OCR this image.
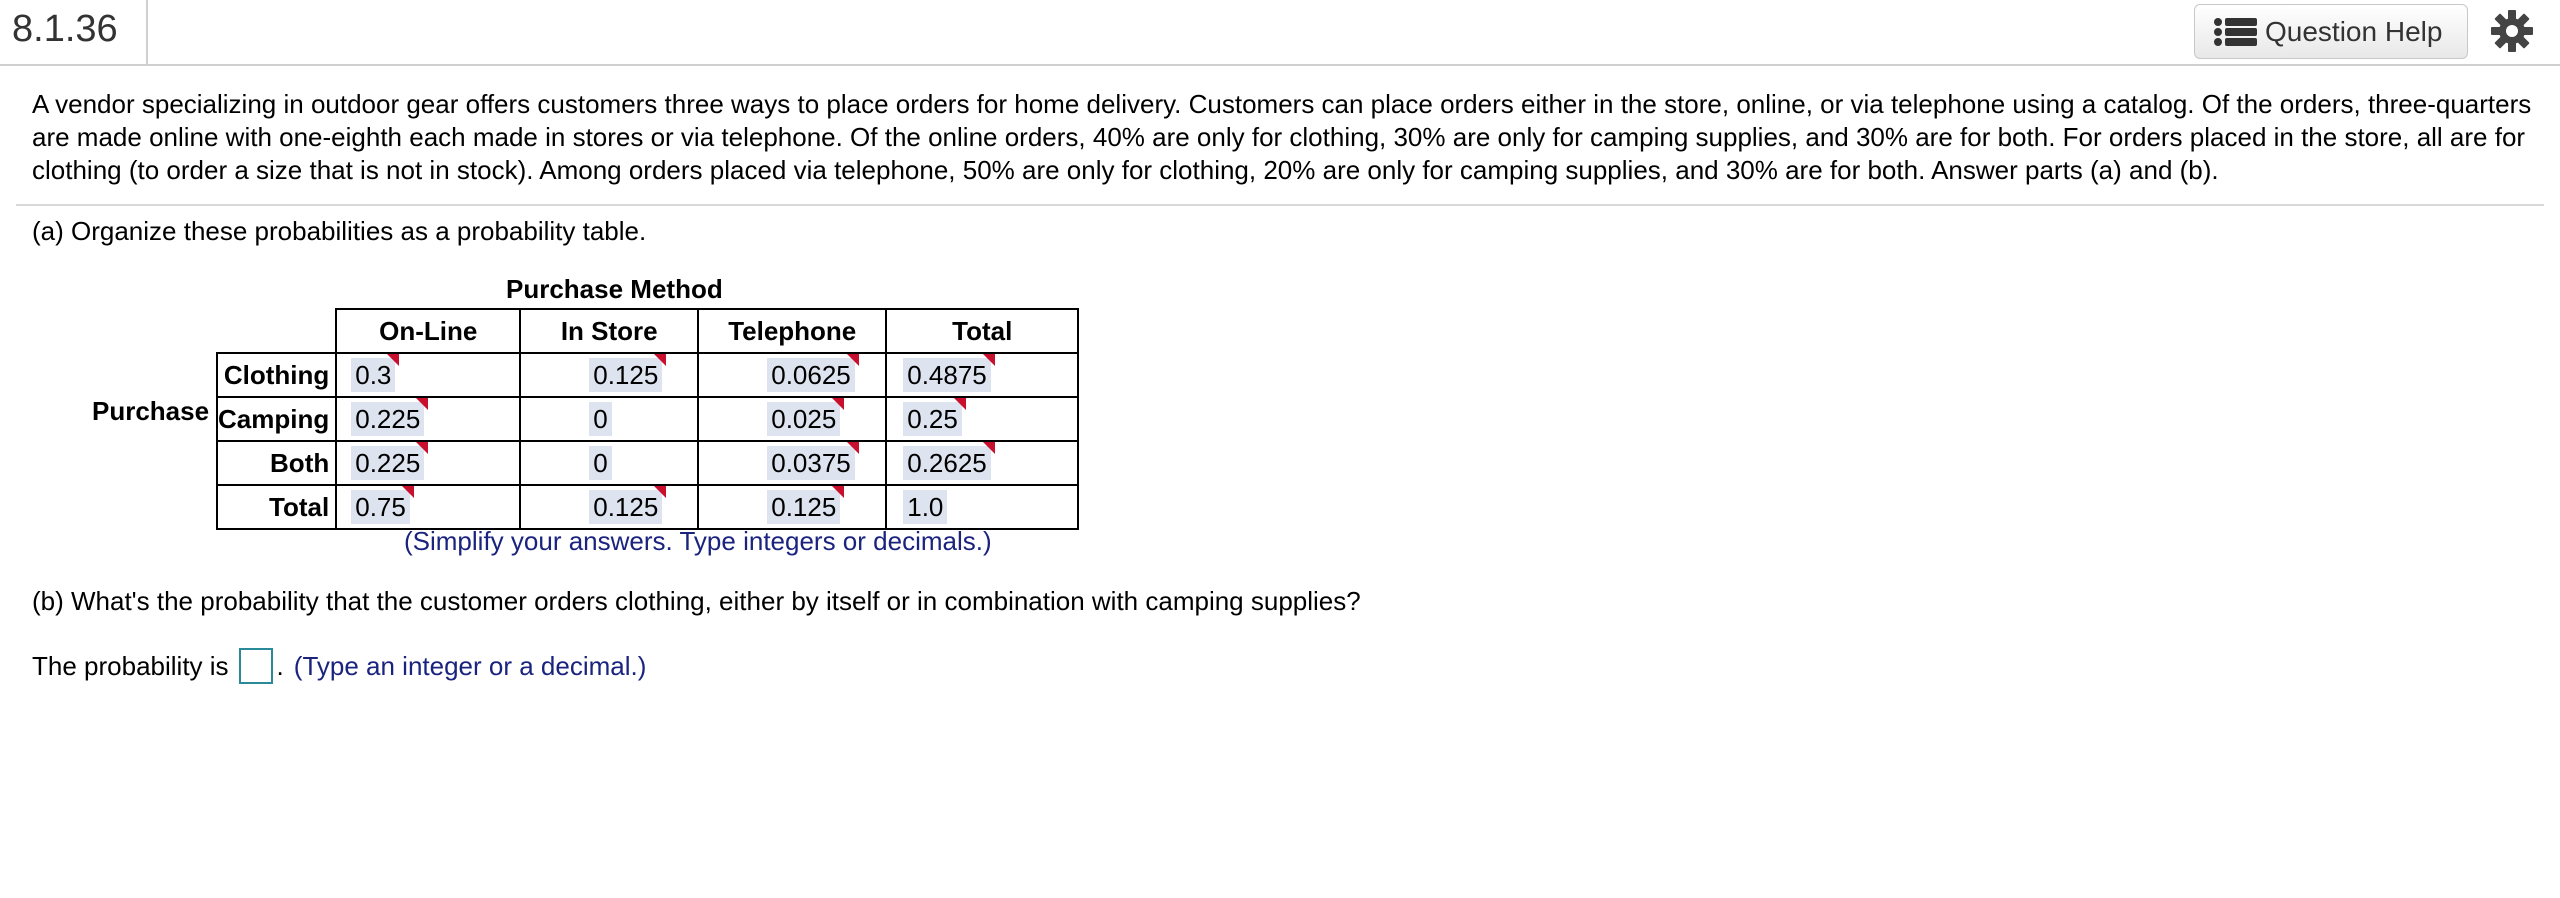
8.1.36	Question Help
A vendor specializing in outdoor gear offers customers three ways to place orders for home delivery. Customers can place orders either in the store, online, or via telephone using a catalog. Of the orders, three-quarters are made online with one-eighth each made in stores or via telephone. Of the online orders, 40% are only for clothing, 30% are only for camping supplies, and 30% are for both. For orders placed in the store, all are for clothing (to order a size that is not in stock). Among orders placed via telephone, 50% are only for clothing, 20% are only for camping supplies, and 30% are for both. Answer parts (a) and (b).
(a) Organize these probabilities as a probability table.
Purchase Method
Purchase
	On-Line	In Store	Telephone	Total
Clothing	0.3	0.125	0.0625	0.4875

Camping	0.225	0	0.025	0.25

Both	0.225	0	0.0375	0.2625

Total	0.75	0.125	0.125	1.0
(Simplify your answers. Type integers or decimals.)
(b) What's the probability that the customer orders clothing, either by itself or in combination with camping supplies?
The probability is . (Type an integer or a decimal.)
